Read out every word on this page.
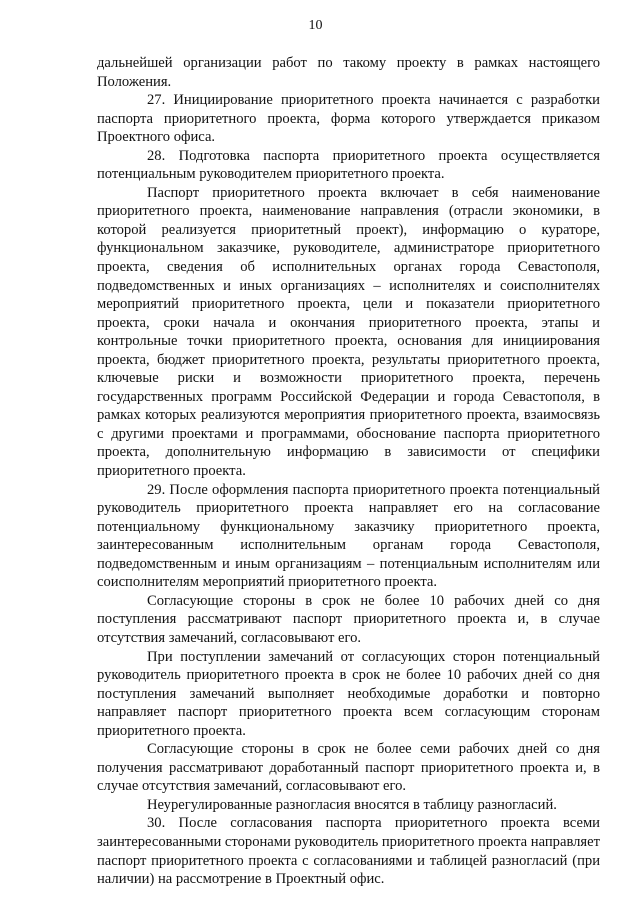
10

дальнейшей организации работ по такому проекту в рамках настоящего Положения.

27. Инициирование приоритетного проекта начинается с разработки паспорта приоритетного проекта, форма которого утверждается приказом Проектного офиса.

28. Подготовка паспорта приоритетного проекта осуществляется потенциальным руководителем приоритетного проекта.

Паспорт приоритетного проекта включает в себя наименование приоритетного проекта, наименование направления (отрасли экономики, в которой реализуется приоритетный проект), информацию о кураторе, функциональном заказчике, руководителе, администраторе приоритетного проекта, сведения об исполнительных органах города Севастополя, подведомственных и иных организациях – исполнителях и соисполнителях мероприятий приоритетного проекта, цели и показатели приоритетного проекта, сроки начала и окончания приоритетного проекта, этапы и контрольные точки приоритетного проекта, основания для инициирования проекта, бюджет приоритетного проекта, результаты приоритетного проекта, ключевые риски и возможности приоритетного проекта, перечень государственных программ Российской Федерации и города Севастополя, в рамках которых реализуются мероприятия приоритетного проекта, взаимосвязь с другими проектами и программами, обоснование паспорта приоритетного проекта, дополнительную информацию в зависимости от специфики приоритетного проекта.

29. После оформления паспорта приоритетного проекта потенциальный руководитель приоритетного проекта направляет его на согласование потенциальному функциональному заказчику приоритетного проекта, заинтересованным исполнительным органам города Севастополя, подведомственным и иным организациям – потенциальным исполнителям или соисполнителям мероприятий приоритетного проекта.

Согласующие стороны в срок не более 10 рабочих дней со дня поступления рассматривают паспорт приоритетного проекта и, в случае отсутствия замечаний, согласовывают его.

При поступлении замечаний от согласующих сторон потенциальный руководитель приоритетного проекта в срок не более 10 рабочих дней со дня поступления замечаний выполняет необходимые доработки и повторно направляет паспорт приоритетного проекта всем согласующим сторонам приоритетного проекта.

Согласующие стороны в срок не более семи рабочих дней со дня получения рассматривают доработанный паспорт приоритетного проекта и, в случае отсутствия замечаний, согласовывают его.

Неурегулированные разногласия вносятся в таблицу разногласий.

30. После согласования паспорта приоритетного проекта всеми заинтересованными сторонами руководитель приоритетного проекта направляет паспорт приоритетного проекта с согласованиями и таблицей разногласий (при наличии) на рассмотрение в Проектный офис.
